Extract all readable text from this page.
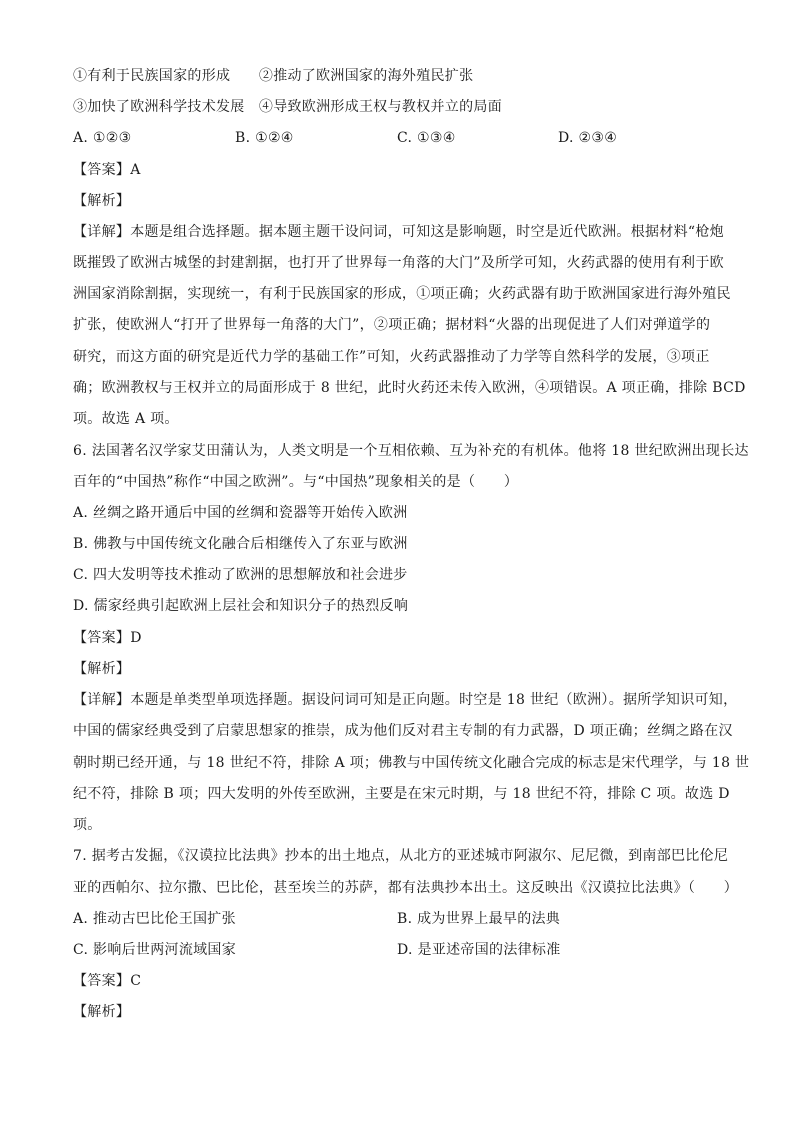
①有利于民族国家的形成　　②推动了欧洲国家的海外殖民扩张
③加快了欧洲科学技术发展　④导致欧洲形成王权与教权并立的局面
A. ①②③	B. ①②④	C. ①③④	D. ②③④
【答案】A
【解析】
【详解】本题是组合选择题。据本题主题干设问词，可知这是影响题，时空是近代欧洲。根据材料“枪炮
既摧毁了欧洲古城堡的封建割据，也打开了世界每一角落的大门”及所学可知，火药武器的使用有利于欧
洲国家消除割据，实现统一，有利于民族国家的形成，①项正确；火药武器有助于欧洲国家进行海外殖民
扩张，使欧洲人“打开了世界每一角落的大门”，②项正确；据材料“火器的出现促进了人们对弹道学的
研究，而这方面的研究是近代力学的基础工作”可知，火药武器推动了力学等自然科学的发展，③项正
确；欧洲教权与王权并立的局面形成于 8 世纪，此时火药还未传入欧洲，④项错误。A 项正确，排除 BCD
项。故选 A 项。
6. 法国著名汉学家艾田蒲认为，人类文明是一个互相依赖、互为补充的有机体。他将 18 世纪欧洲出现长达
百年的“中国热”称作“中国之欧洲”。与“中国热”现象相关的是（　　）
A. 丝绸之路开通后中国的丝绸和瓷器等开始传入欧洲
B. 佛教与中国传统文化融合后相继传入了东亚与欧洲
C. 四大发明等技术推动了欧洲的思想解放和社会进步
D. 儒家经典引起欧洲上层社会和知识分子的热烈反响
【答案】D
【解析】
【详解】本题是单类型单项选择题。据设问词可知是正向题。时空是 18 世纪（欧洲）。据所学知识可知，
中国的儒家经典受到了启蒙思想家的推崇，成为他们反对君主专制的有力武器，D 项正确；丝绸之路在汉
朝时期已经开通，与 18 世纪不符，排除 A 项；佛教与中国传统文化融合完成的标志是宋代理学，与 18 世
纪不符，排除 B 项；四大发明的外传至欧洲，主要是在宋元时期，与 18 世纪不符，排除 C 项。故选 D
项。
7. 据考古发掘，《汉谟拉比法典》抄本的出土地点，从北方的亚述城市阿淑尔、尼尼微，到南部巴比伦尼
亚的西帕尔、拉尔撒、巴比伦，甚至埃兰的苏萨，都有法典抄本出土。这反映出《汉谟拉比法典》（　　）
A. 推动古巴比伦王国扩张	B. 成为世界上最早的法典
C. 影响后世两河流域国家	D. 是亚述帝国的法律标准
【答案】C
【解析】
